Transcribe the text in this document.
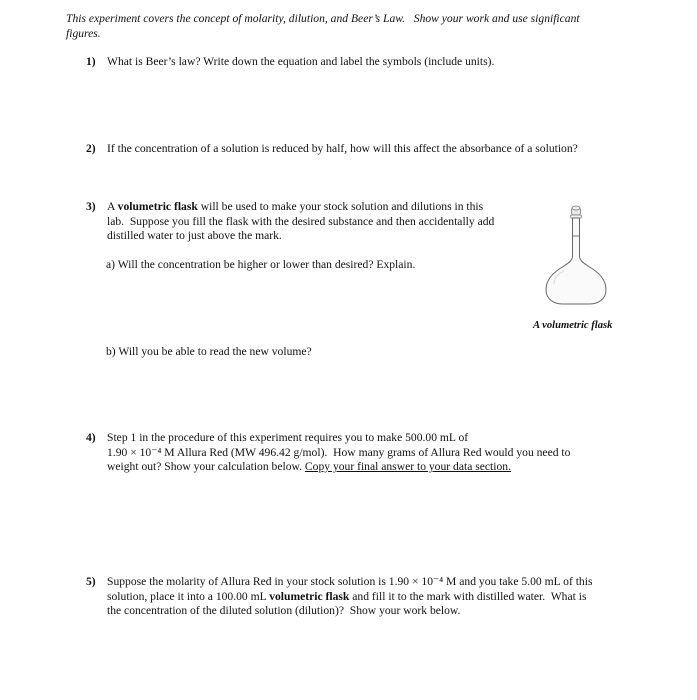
This experiment covers the concept of molarity, dilution, and Beer’s Law.   Show your work and use significant
figures.
1) What is Beer’s law? Write down the equation and label the symbols (include units).
2) If the concentration of a solution is reduced by half, how will this affect the absorbance of a solution?
3) A volumetric flask will be used to make your stock solution and dilutions in this
lab.  Suppose you fill the flask with the desired substance and then accidentally add
distilled water to just above the mark.
a) Will the concentration be higher or lower than desired? Explain.
b) Will you be able to read the new volume?
A volumetric flask
4) Step 1 in the procedure of this experiment requires you to make 500.00 mL of
1.90 × 10⁻⁴ M Allura Red (MW 496.42 g/mol).  How many grams of Allura Red would you need to
weight out? Show your calculation below. Copy your final answer to your data section.
5) Suppose the molarity of Allura Red in your stock solution is 1.90 × 10⁻⁴ M and you take 5.00 mL of this
solution, place it into a 100.00 mL volumetric flask and fill it to the mark with distilled water.  What is
the concentration of the diluted solution (dilution)?  Show your work below.
